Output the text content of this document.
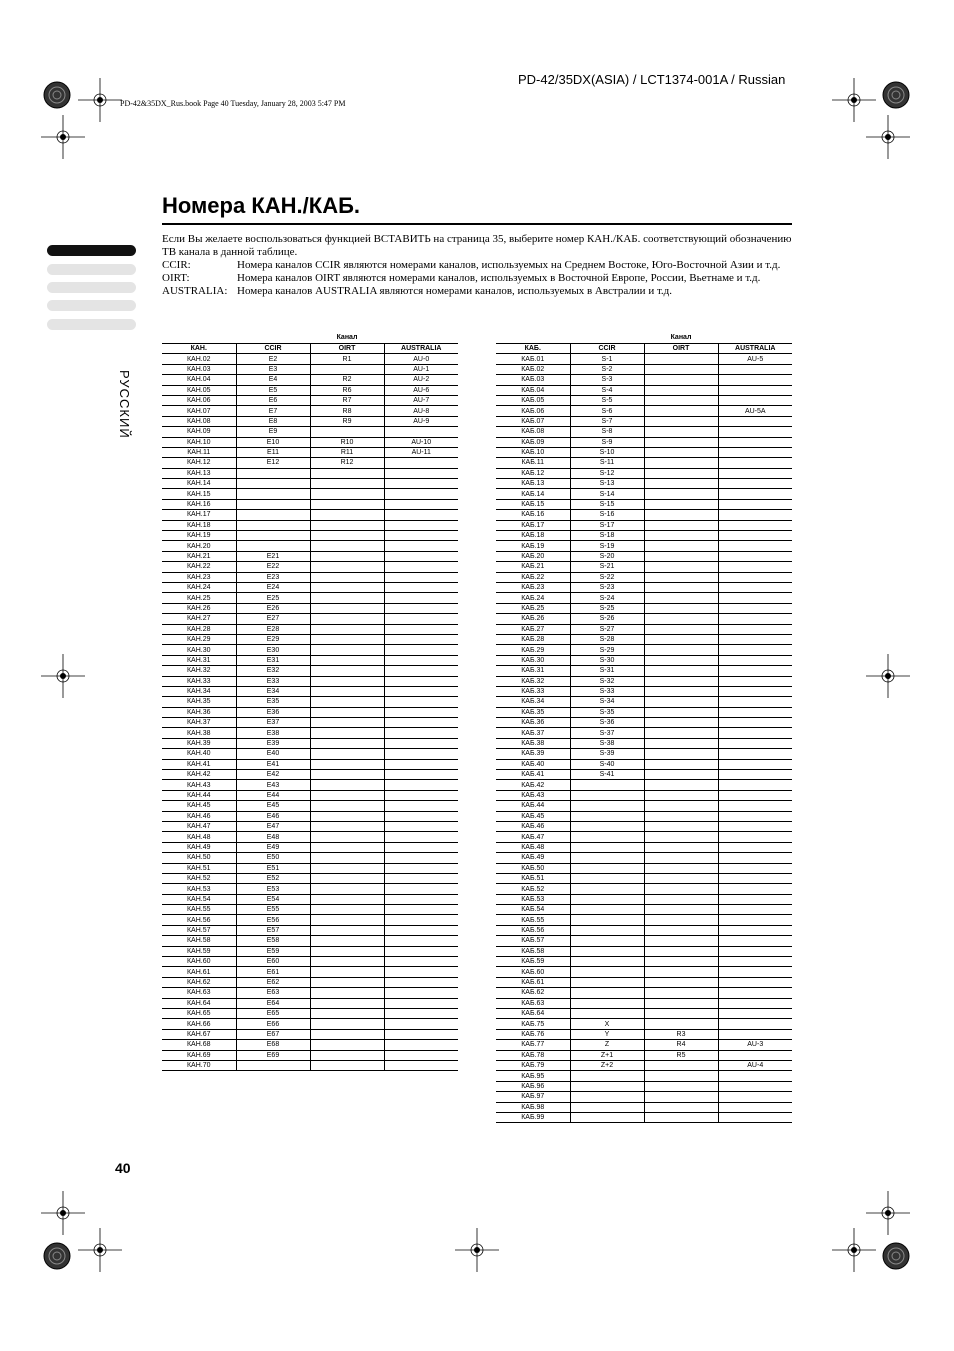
PD-42/35DX(ASIA) / LCT1374-001A / Russian
PD-42&35DX_Rus.book Page 40 Tuesday, January 28, 2003 5:47 PM
Номера КАН./КАБ.

Если Вы желаете воспользоваться функцией ВСТАВИТЬ на страница 35, выберите номер КАН./КАБ. соответствующий обозначению ТВ канала в данной таблице.

CCIR:	Номера каналов CCIR являются номерами каналов, используемых на Среднем Востоке, Юго-Восточной Азии и т.д.
OIRT:	Номера каналов OIRT являются номерами каналов, используемых в Восточной Европе, России, Вьетнаме и т.д.
AUSTRALIA: Номера каналов AUSTRALIA являются номерами каналов, используемых в Австралии и т.д.
РУССКИЙ
		Канал	
КАН.	CCIR	OIRT	AUSTRALIA
КАН.02	E2	R1	AU-0
КАН.03	E3		AU-1
КАН.04	E4	R2	AU-2
КАН.05	E5	R6	AU-6
КАН.06	E6	R7	AU-7
КАН.07	E7	R8	AU-8
КАН.08	E8	R9	AU-9
КАН.09	E9		
КАН.10	E10	R10	AU-10
КАН.11	E11	R11	AU-11
КАН.12	E12	R12	
КАН.13			
КАН.14			
КАН.15			
КАН.16			
КАН.17			
КАН.18			
КАН.19			
КАН.20			
КАН.21	E21		
КАН.22	E22		
КАН.23	E23		
КАН.24	E24		
КАН.25	E25		
КАН.26	E26		
КАН.27	E27		
КАН.28	E28		
КАН.29	E29		
КАН.30	E30		
КАН.31	E31		
КАН.32	E32		
КАН.33	E33		
КАН.34	E34		
КАН.35	E35		
КАН.36	E36		
КАН.37	E37		
КАН.38	E38		
КАН.39	E39		
КАН.40	E40		
КАН.41	E41		
КАН.42	E42		
КАН.43	E43		
КАН.44	E44		
КАН.45	E45		
КАН.46	E46		
КАН.47	E47		
КАН.48	E48		
КАН.49	E49		
КАН.50	E50		
КАН.51	E51		
КАН.52	E52		
КАН.53	E53		
КАН.54	E54		
КАН.55	E55		
КАН.56	E56		
КАН.57	E57		
КАН.58	E58		
КАН.59	E59		
КАН.60	E60		
КАН.61	E61		
КАН.62	E62		
КАН.63	E63		
КАН.64	E64		
КАН.65	E65		
КАН.66	E66		
КАН.67	E67		
КАН.68	E68		
КАН.69	E69		
КАН.70			
		Канал	
КАБ.	CCIR	OIRT	AUSTRALIA
КАБ.01	S-1		AU-5
КАБ.02	S-2		
КАБ.03	S-3		
КАБ.04	S-4		
КАБ.05	S-5		
КАБ.06	S-6		AU-5A
КАБ.07	S-7		
КАБ.08	S-8		
КАБ.09	S-9		
КАБ.10	S-10		
КАБ.11	S-11		
КАБ.12	S-12		
КАБ.13	S-13		
КАБ.14	S-14		
КАБ.15	S-15		
КАБ.16	S-16		
КАБ.17	S-17		
КАБ.18	S-18		
КАБ.19	S-19		
КАБ.20	S-20		
КАБ.21	S-21		
КАБ.22	S-22		
КАБ.23	S-23		
КАБ.24	S-24		
КАБ.25	S-25		
КАБ.26	S-26		
КАБ.27	S-27		
КАБ.28	S-28		
КАБ.29	S-29		
КАБ.30	S-30		
КАБ.31	S-31		
КАБ.32	S-32		
КАБ.33	S-33		
КАБ.34	S-34		
КАБ.35	S-35		
КАБ.36	S-36		
КАБ.37	S-37		
КАБ.38	S-38		
КАБ.39	S-39		
КАБ.40	S-40		
КАБ.41	S-41		
КАБ.42			
КАБ.43			
КАБ.44			
КАБ.45			
КАБ.46			
КАБ.47			
КАБ.48			
КАБ.49			
КАБ.50			
КАБ.51			
КАБ.52			
КАБ.53			
КАБ.54			
КАБ.55			
КАБ.56			
КАБ.57			
КАБ.58			
КАБ.59			
КАБ.60			
КАБ.61			
КАБ.62			
КАБ.63			
КАБ.64			
КАБ.75	X		
КАБ.76	Y	R3	
КАБ.77	Z	R4	AU-3
КАБ.78	Z+1	R5	
КАБ.79	Z+2		AU-4
КАБ.95			
КАБ.96			
КАБ.97			
КАБ.98			
КАБ.99			
40
